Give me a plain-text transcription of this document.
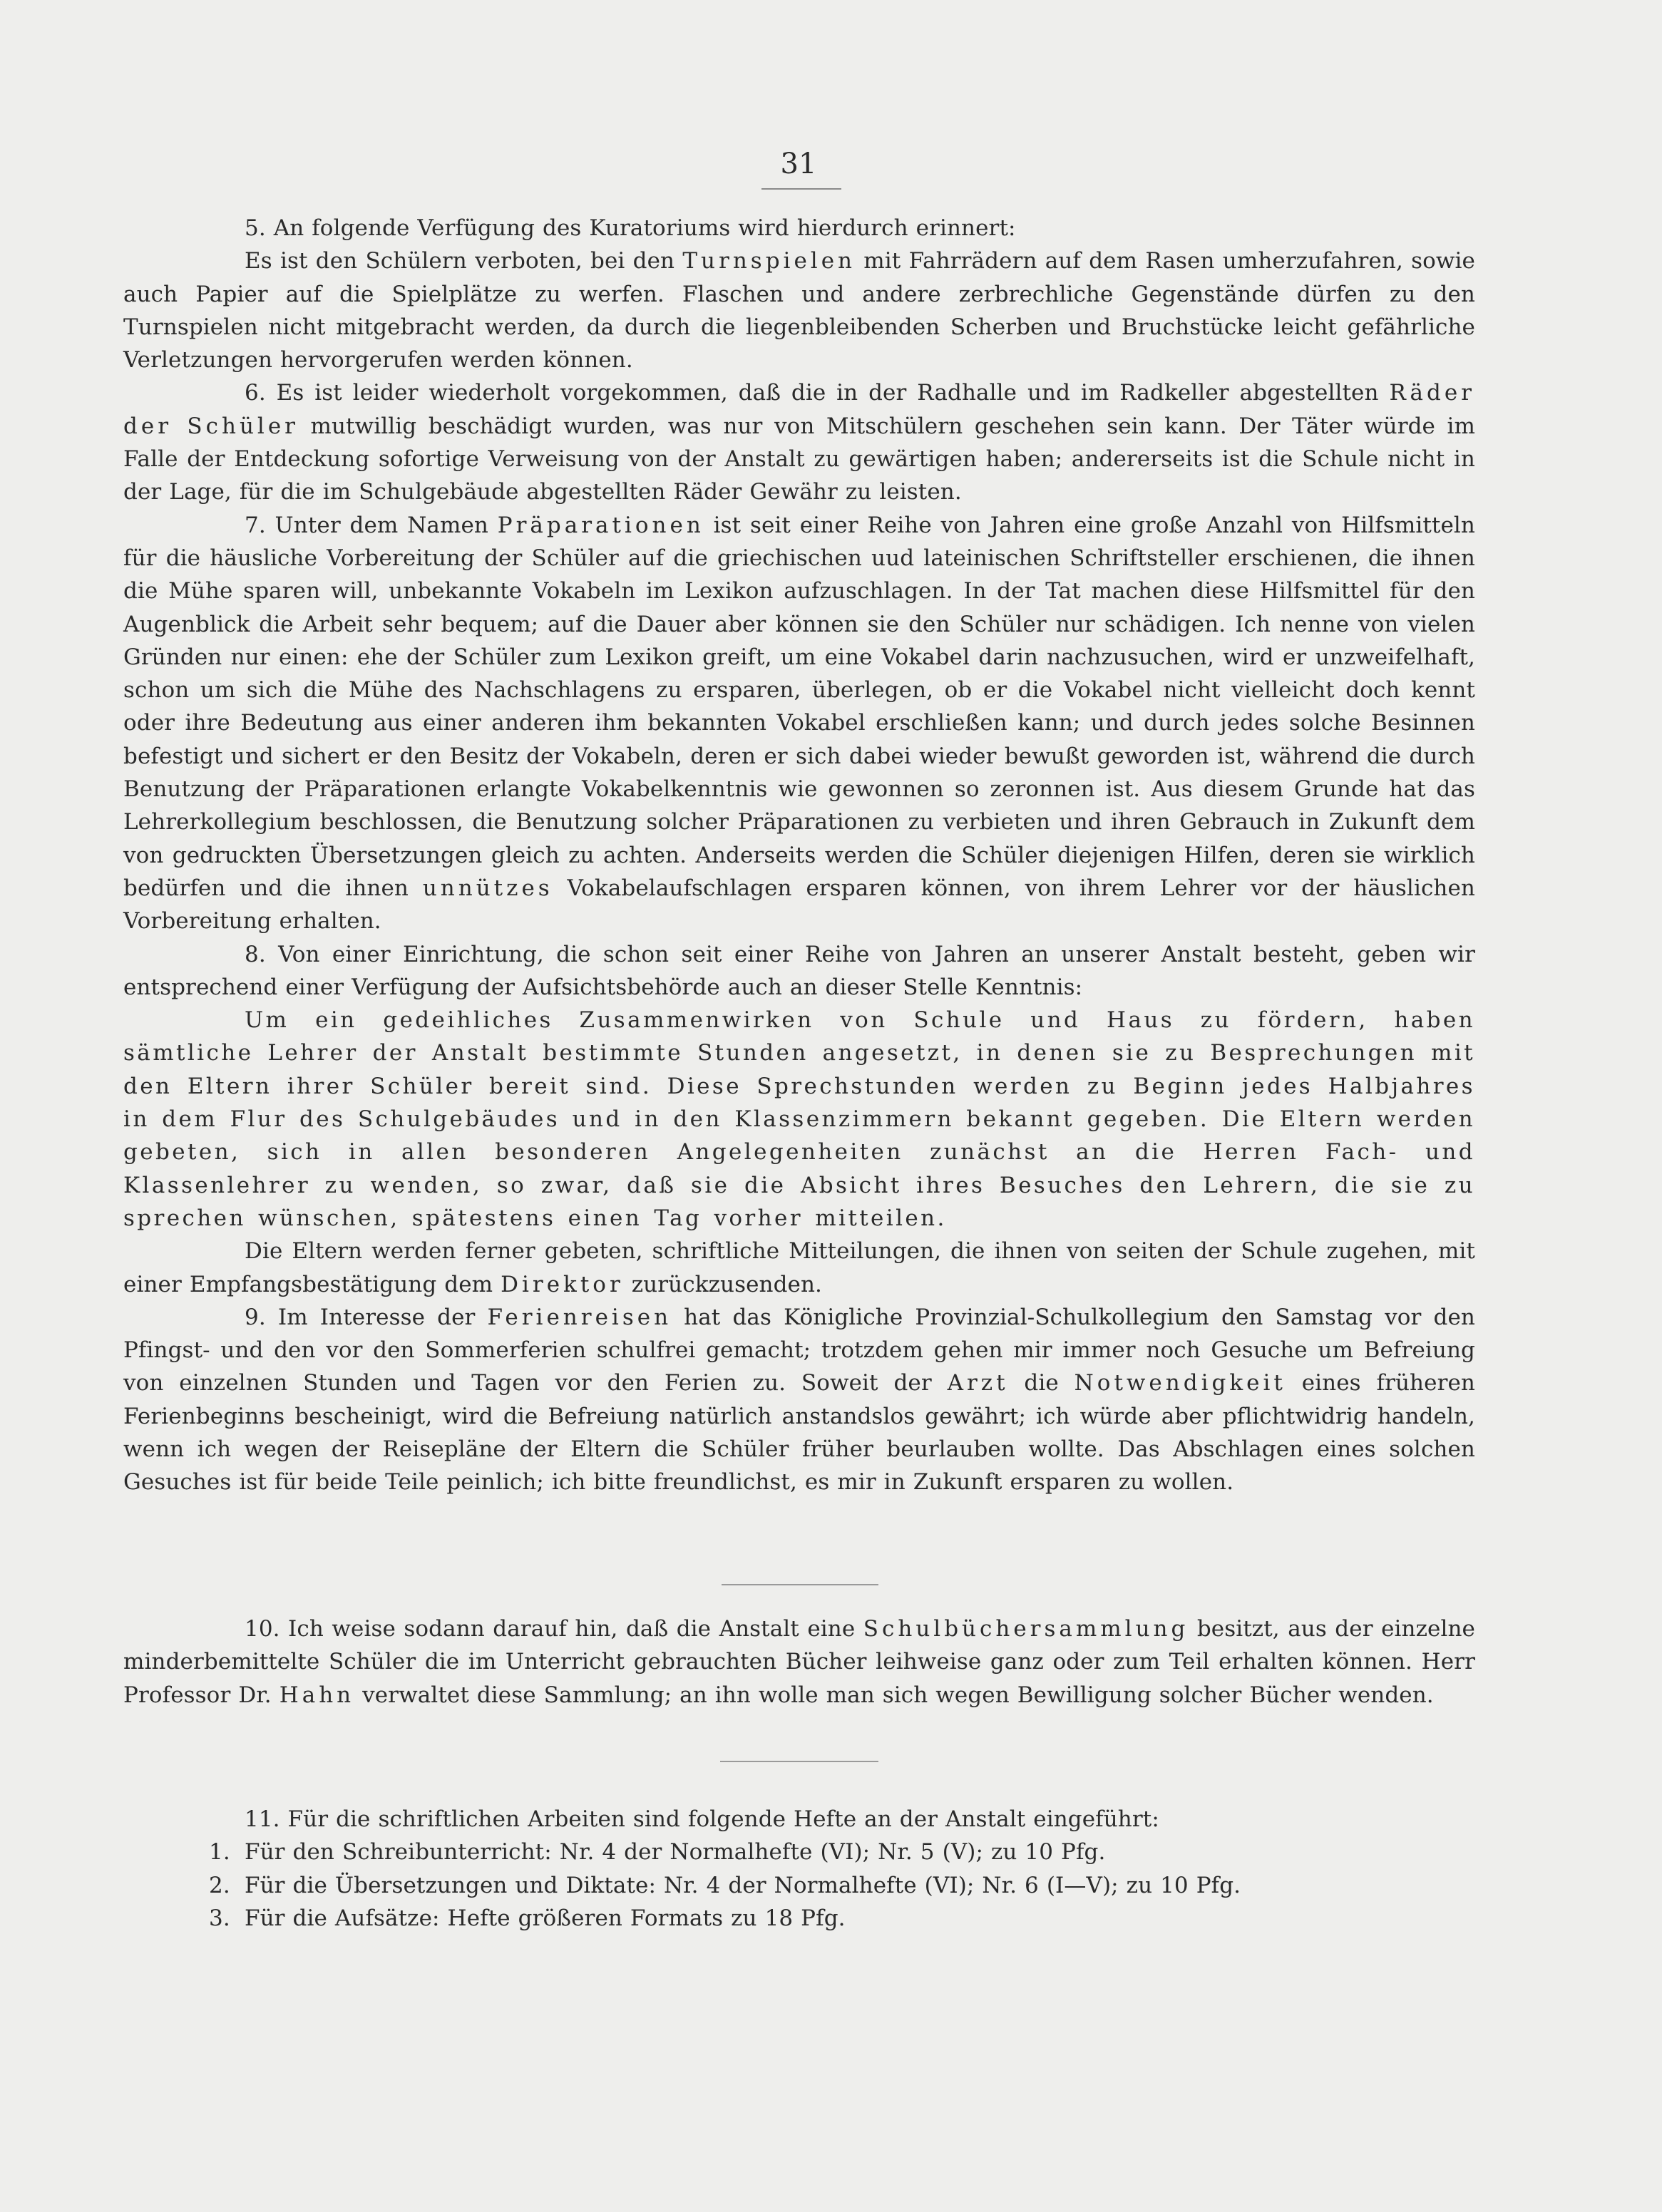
31

5. An folgende Verfügung des Kuratoriums wird hierdurch erinnert:

Es ist den Schülern verboten, bei den Turnspielen mit Fahrrädern auf dem Rasen umherzufahren, sowie auch Papier auf die Spielplätze zu werfen. Flaschen und andere zerbrechliche Gegenstände dürfen zu den Turnspielen nicht mitgebracht werden, da durch die liegenbleibenden Scherben und Bruchstücke leicht gefährliche Verletzungen hervorgerufen werden können.

6. Es ist leider wiederholt vorgekommen, daß die in der Radhalle und im Radkeller abgestellten Räder der Schüler mutwillig beschädigt wurden, was nur von Mitschülern geschehen sein kann. Der Täter würde im Falle der Entdeckung sofortige Verweisung von der Anstalt zu gewärtigen haben; andererseits ist die Schule nicht in der Lage, für die im Schulgebäude abgestellten Räder Gewähr zu leisten.

7. Unter dem Namen Präparationen ist seit einer Reihe von Jahren eine große Anzahl von Hilfsmitteln für die häusliche Vorbereitung der Schüler auf die griechischen uud lateinischen Schriftsteller erschienen, die ihnen die Mühe sparen will, unbekannte Vokabeln im Lexikon aufzuschlagen. In der Tat machen diese Hilfsmittel für den Augenblick die Arbeit sehr bequem; auf die Dauer aber können sie den Schüler nur schädigen. Ich nenne von vielen Gründen nur einen: ehe der Schüler zum Lexikon greift, um eine Vokabel darin nachzusuchen, wird er unzweifelhaft, schon um sich die Mühe des Nachschlagens zu ersparen, überlegen, ob er die Vokabel nicht vielleicht doch kennt oder ihre Bedeutung aus einer anderen ihm bekannten Vokabel erschließen kann; und durch jedes solche Besinnen befestigt und sichert er den Besitz der Vokabeln, deren er sich dabei wieder bewußt geworden ist, während die durch Benutzung der Präparationen erlangte Vokabelkenntnis wie gewonnen so zeronnen ist. Aus diesem Grunde hat das Lehrerkollegium beschlossen, die Benutzung solcher Präparationen zu verbieten und ihren Gebrauch in Zukunft dem von gedruckten Übersetzungen gleich zu achten. Anderseits werden die Schüler diejenigen Hilfen, deren sie wirklich bedürfen und die ihnen unnützes Vokabelaufschlagen ersparen können, von ihrem Lehrer vor der häuslichen Vorbereitung erhalten.

8. Von einer Einrichtung, die schon seit einer Reihe von Jahren an unserer Anstalt besteht, geben wir entsprechend einer Verfügung der Aufsichtsbehörde auch an dieser Stelle Kenntnis:

Um ein gedeihliches Zusammenwirken von Schule und Haus zu fördern, haben sämtliche Lehrer der Anstalt bestimmte Stunden angesetzt, in denen sie zu Besprechungen mit den Eltern ihrer Schüler bereit sind. Diese Sprechstunden werden zu Beginn jedes Halbjahres in dem Flur des Schulgebäudes und in den Klassenzimmern bekannt gegeben. Die Eltern werden gebeten, sich in allen besonderen Angelegenheiten zunächst an die Herren Fach- und Klassenlehrer zu wenden, so zwar, daß sie die Absicht ihres Besuches den Lehrern, die sie zu sprechen wünschen, spätestens einen Tag vorher mitteilen.

Die Eltern werden ferner gebeten, schriftliche Mitteilungen, die ihnen von seiten der Schule zugehen, mit einer Empfangsbestätigung dem Direktor zurückzusenden.

9. Im Interesse der Ferienreisen hat das Königliche Provinzial-Schulkollegium den Samstag vor den Pfingst- und den vor den Sommerferien schulfrei gemacht; trotzdem gehen mir immer noch Gesuche um Befreiung von einzelnen Stunden und Tagen vor den Ferien zu. Soweit der Arzt die Notwendigkeit eines früheren Ferienbeginns bescheinigt, wird die Befreiung natürlich anstandslos gewährt; ich würde aber pflichtwidrig handeln, wenn ich wegen der Reisepläne der Eltern die Schüler früher beurlauben wollte. Das Abschlagen eines solchen Gesuches ist für beide Teile peinlich; ich bitte freundlichst, es mir in Zukunft ersparen zu wollen.

10. Ich weise sodann darauf hin, daß die Anstalt eine Schulbüchersammlung besitzt, aus der einzelne minderbemittelte Schüler die im Unterricht gebrauchten Bücher leihweise ganz oder zum Teil erhalten können. Herr Professor Dr. Hahn verwaltet diese Sammlung; an ihn wolle man sich wegen Bewilligung solcher Bücher wenden.

11. Für die schriftlichen Arbeiten sind folgende Hefte an der Anstalt eingeführt:

1. Für den Schreibunterricht: Nr. 4 der Normalhefte (VI); Nr. 5 (V); zu 10 Pfg.

2. Für die Übersetzungen und Diktate: Nr. 4 der Normalhefte (VI); Nr. 6 (I—V); zu 10 Pfg.

3. Für die Aufsätze: Hefte größeren Formats zu 18 Pfg.
